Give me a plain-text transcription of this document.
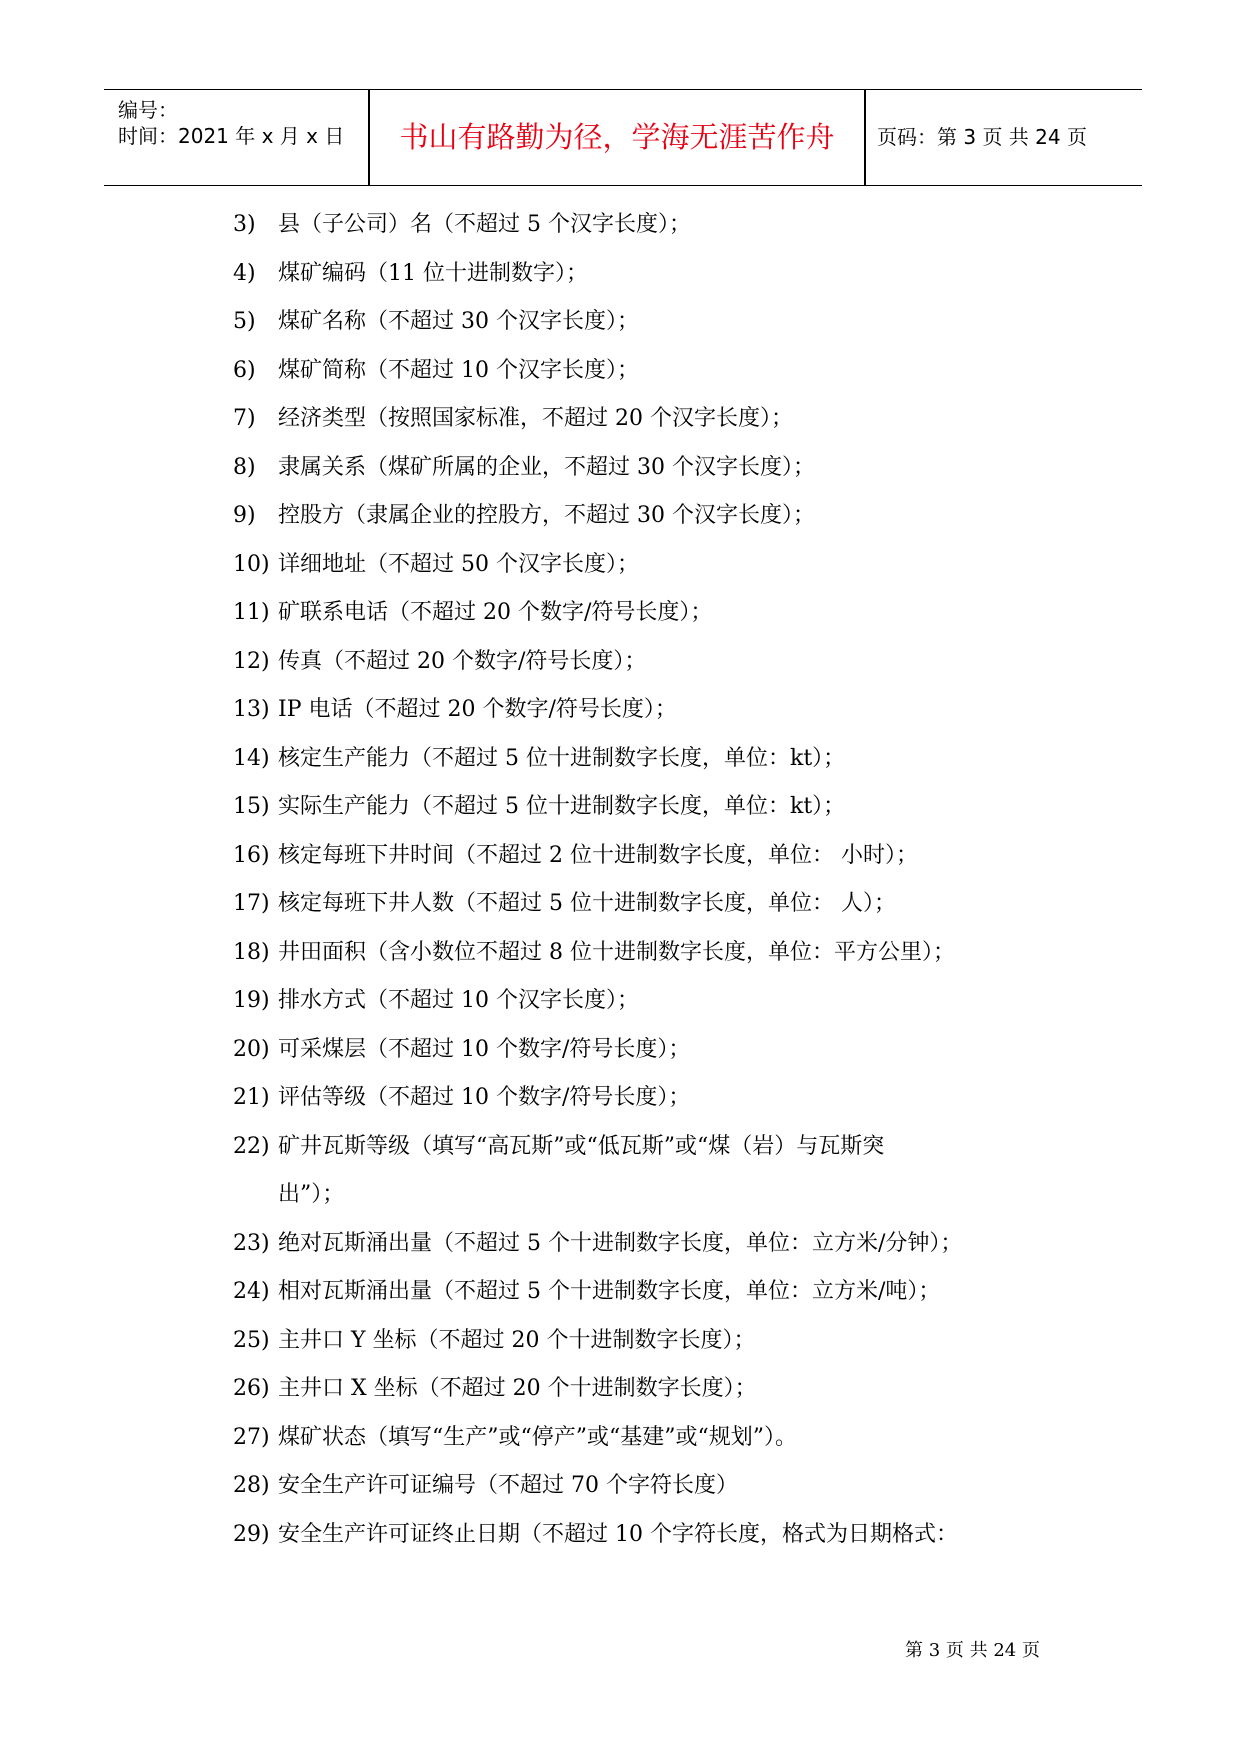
编号：
时间：2021 年 x 月 x 日	书山有路勤为径，学海无涯苦作舟	页码：第 3 页 共 24 页
3) 县（子公司）名（不超过 5 个汉字长度）；
4) 煤矿编码（11 位十进制数字）；
5) 煤矿名称（不超过 30 个汉字长度）；
6) 煤矿简称（不超过 10 个汉字长度）；
7) 经济类型（按照国家标准，不超过 20 个汉字长度）；
8) 隶属关系（煤矿所属的企业，不超过 30 个汉字长度）；
9) 控股方（隶属企业的控股方，不超过 30 个汉字长度）；
10) 详细地址（不超过 50 个汉字长度）；
11) 矿联系电话（不超过 20 个数字/符号长度）；
12) 传真（不超过 20 个数字/符号长度）；
13) IP 电话（不超过 20 个数字/符号长度）；
14) 核定生产能力（不超过 5 位十进制数字长度，单位：kt）；
15) 实际生产能力（不超过 5 位十进制数字长度，单位：kt）；
16) 核定每班下井时间（不超过 2 位十进制数字长度，单位： 小时）；
17) 核定每班下井人数（不超过 5 位十进制数字长度，单位： 人）；
18) 井田面积（含小数位不超过 8 位十进制数字长度，单位：平方公里）；
19) 排水方式（不超过 10 个汉字长度）；
20) 可采煤层（不超过 10 个数字/符号长度）；
21) 评估等级（不超过 10 个数字/符号长度）；
22) 矿井瓦斯等级（填写“高瓦斯”或“低瓦斯”或“煤（岩）与瓦斯突
出”）；
23) 绝对瓦斯涌出量（不超过 5 个十进制数字长度，单位：立方米/分钟）；
24) 相对瓦斯涌出量（不超过 5 个十进制数字长度，单位：立方米/吨）；
25) 主井口 Y 坐标（不超过 20 个十进制数字长度）；
26) 主井口 X 坐标（不超过 20 个十进制数字长度）；
27) 煤矿状态（填写“生产”或“停产”或“基建”或“规划”）。
28) 安全生产许可证编号（不超过 70 个字符长度）
29) 安全生产许可证终止日期（不超过 10 个字符长度，格式为日期格式：
第 3 页 共 24 页
